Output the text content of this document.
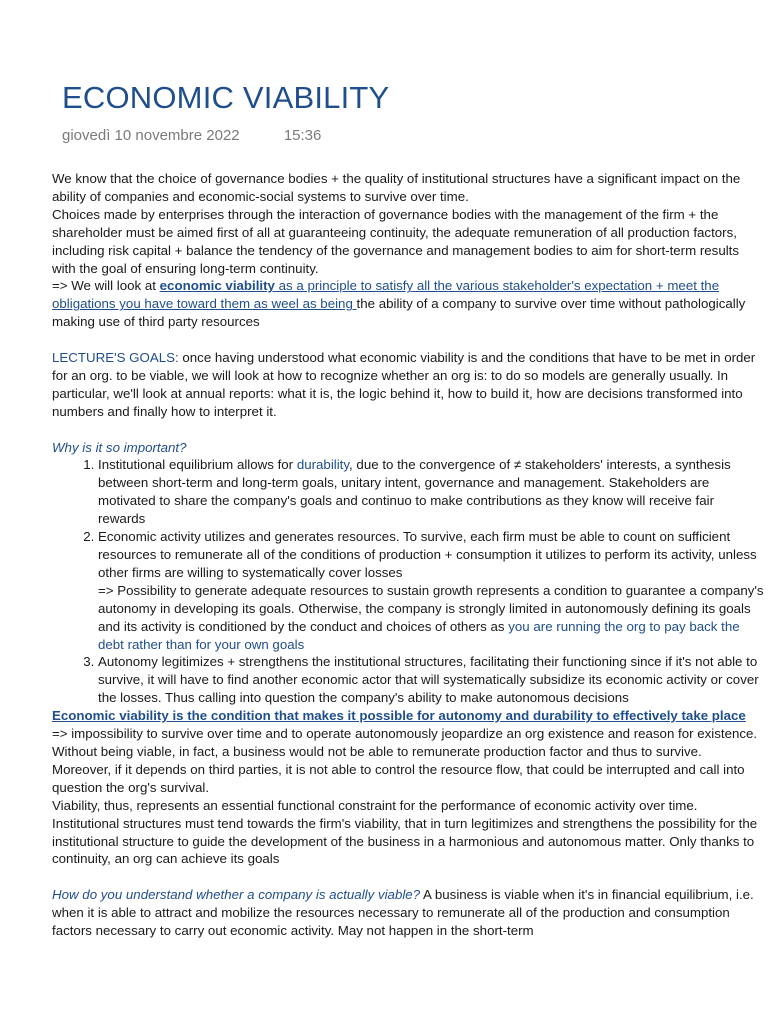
ECONOMIC VIABILITY
giovedì 10 novembre 2022	15:36

We know that the choice of governance bodies + the quality of institutional structures have a significant impact on the ability of companies and economic-social systems to survive over time.

Choices made by enterprises through the interaction of governance bodies with the management of the firm + the shareholder must be aimed first of all at guaranteeing continuity, the adequate remuneration of all production factors, including risk capital + balance the tendency of the governance and management bodies to aim for short-term results with the goal of ensuring long-term continuity.

=> We will look at economic viability as a principle to satisfy all the various stakeholder's expectation + meet the obligations you have toward them as weel as being the ability of a company to survive over time without pathologically making use of third party resources

LECTURE'S GOALS: once having understood what economic viability is and the conditions that have to be met in order for an org. to be viable, we will look at how to recognize whether an org is: to do so models are generally usually. In particular, we'll look at annual reports: what it is, the logic behind it, how to build it, how are decisions transformed into numbers and finally how to interpret it.

Why is it so important?

1. Institutional equilibrium allows for durability, due to the convergence of ≠ stakeholders' interests, a synthesis between short-term and long-term goals, unitary intent, governance and management. Stakeholders are motivated to share the company's goals and continuo to make contributions as they know will receive fair rewards
2. Economic activity utilizes and generates resources. To survive, each firm must be able to count on sufficient resources to remunerate all of the conditions of production + consumption it utilizes to perform its activity, unless other firms are willing to systematically cover losses
=> Possibility to generate adequate resources to sustain growth represents a condition to guarantee a company's autonomy in developing its goals. Otherwise, the company is strongly limited in autonomously defining its goals and its activity is conditioned by the conduct and choices of others as you are running the org to pay back the debt rather than for your own goals
3. Autonomy legitimizes + strengthens the institutional structures, facilitating their functioning since if it's not able to survive, it will have to find another economic actor that will systematically subsidize its economic activity or cover the losses. Thus calling into question the company's ability to make autonomous decisions

Economic viability is the condition that makes it possible for autonomy and durability to effectively take place

=> impossibility to survive over time and to operate autonomously jeopardize an org existence and reason for existence. Without being viable, in fact, a business would not be able to remunerate production factor and thus to survive. Moreover, if it depends on third parties, it is not able to control the resource flow, that could be interrupted and call into question the org's survival.

Viability, thus, represents an essential functional constraint for the performance of economic activity over time. Institutional structures must tend towards the firm's viability, that in turn legitimizes and strengthens the possibility for the institutional structure to guide the development of the business in a harmonious and autonomous matter. Only thanks to continuity, an org can achieve its goals

How do you understand whether a company is actually viable? A business is viable when it's in financial equilibrium, i.e. when it is able to attract and mobilize the resources necessary to remunerate all of the production and consumption factors necessary to carry out economic activity. May not happen in the short-term
